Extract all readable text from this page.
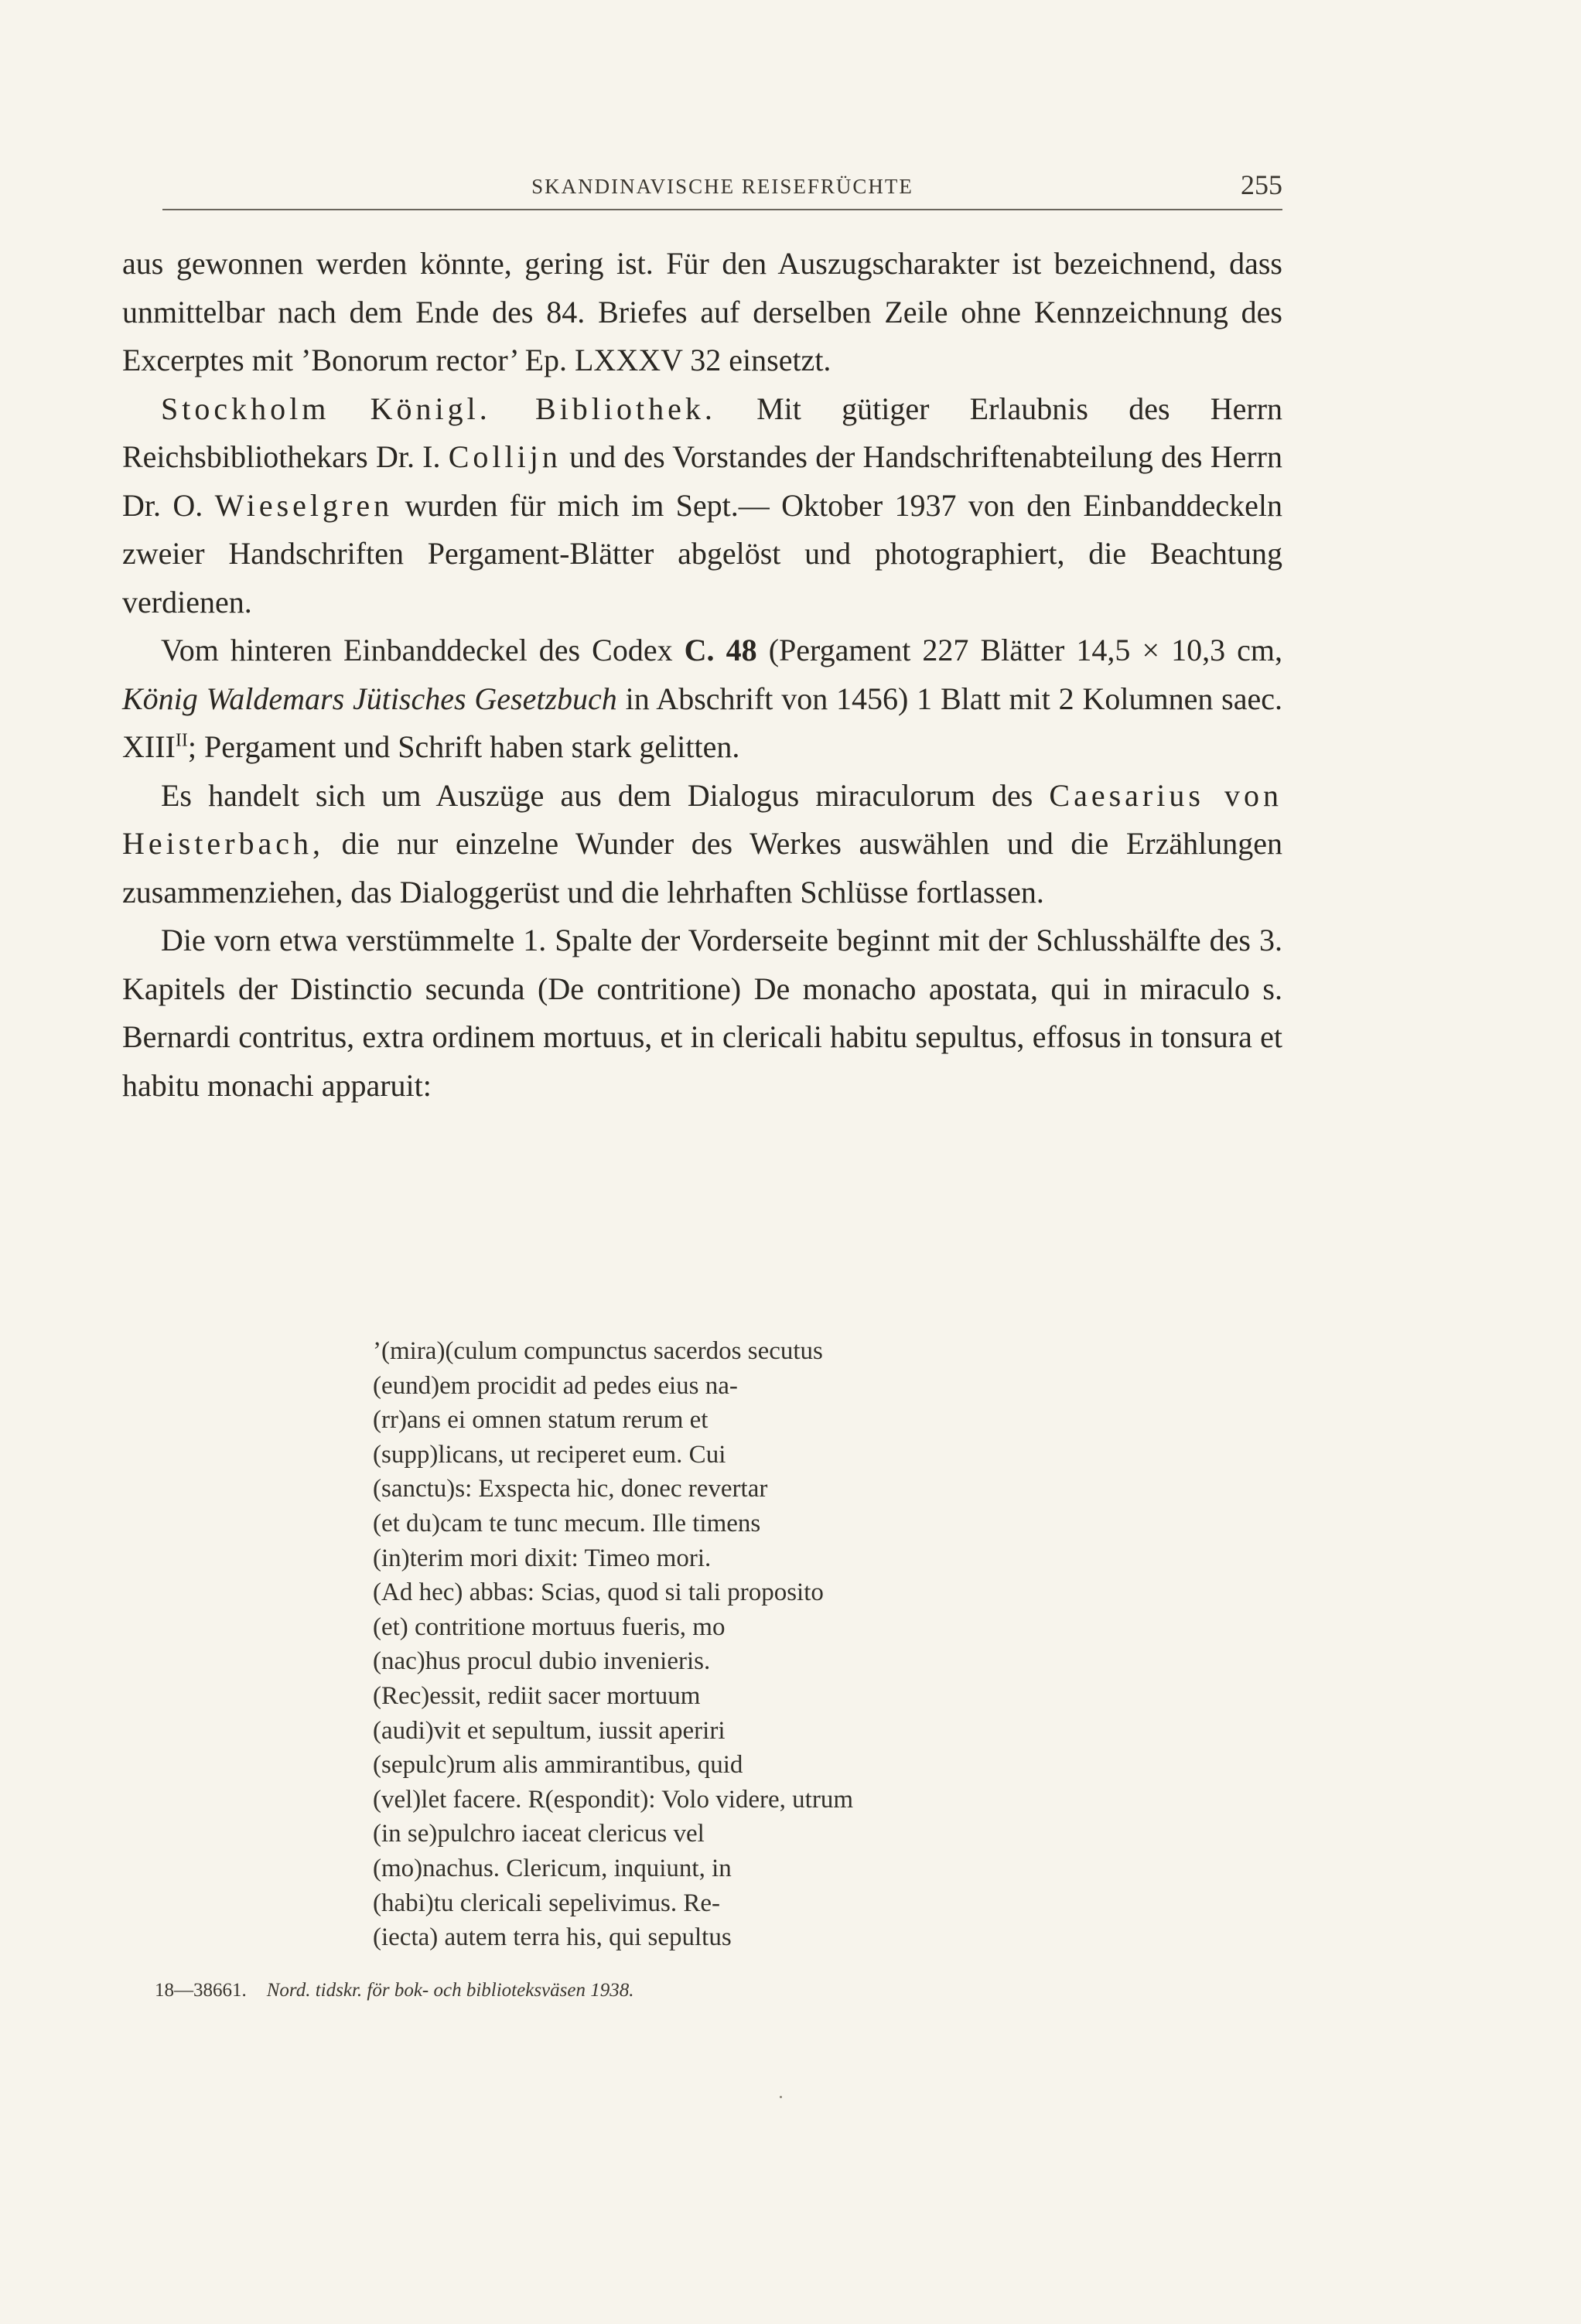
SKANDINAVISCHE REISEFRÜCHTE	255

aus gewonnen werden könnte, gering ist. Für den Auszugscharakter ist bezeichnend, dass unmittelbar nach dem Ende des 84. Briefes auf derselben Zeile ohne Kennzeichnung des Excerptes mit ’Bonorum rector’ Ep. LXXXV 32 einsetzt.

Stockholm Königl. Bibliothek. Mit gütiger Erlaubnis des Herrn Reichsbibliothekars Dr. I. Collijn und des Vorstandes der Handschriftenabteilung des Herrn Dr. O. Wieselgren wurden für mich im Sept.— Oktober 1937 von den Einbanddeckeln zweier Handschriften Pergament-Blätter abgelöst und photographiert, die Beachtung verdienen.

Vom hinteren Einbanddeckel des Codex C. 48 (Pergament 227 Blätter 14,5 × 10,3 cm, König Waldemars Jütisches Gesetzbuch in Abschrift von 1456) 1 Blatt mit 2 Kolumnen saec. $XIII^{II}$; Pergament und Schrift haben stark gelitten.

Es handelt sich um Auszüge aus dem Dialogus miraculorum des Caesarius von Heisterbach, die nur einzelne Wunder des Werkes auswählen und die Erzählungen zusammenziehen, das Dialoggerüst und die lehrhaften Schlüsse fortlassen.

Die vorn etwa verstümmelte 1. Spalte der Vorderseite beginnt mit der Schlusshälfte des 3. Kapitels der Distinctio secunda (De contritione) De monacho apostata, qui in miraculo s. Bernardi contritus, extra ordinem mortuus, et in clericali habitu sepultus, effosus in tonsura et habitu monachi apparuit:

’(mira)(culum compunctus sacerdos secutus
(eund)em procidit ad pedes eius na-
(rr)ans ei omnen statum rerum et
(supp)licans, ut reciperet eum. Cui
(sanctu)s: Exspecta hic, donec revertar
(et du)cam te tunc mecum. Ille timens
(in)terim mori dixit: Timeo mori.
(Ad hec) abbas: Scias, quod si tali proposito
(et) contritione mortuus fueris, mo
(nac)hus procul dubio invenieris.
(Rec)essit, rediit sacer mortuum
(audi)vit et sepultum, iussit aperiri
(sepulc)rum alis ammirantibus, quid
(vel)let facere. R(espondit): Volo videre, utrum
(in se)pulchro iaceat clericus vel
(mo)nachus. Clericum, inquiunt, in
(habi)tu clericali sepelivimus. Re-
(iecta) autem terra his, qui sepultus
18—38661. Nord. tidskr. för bok- och biblioteksväsen 1938.
